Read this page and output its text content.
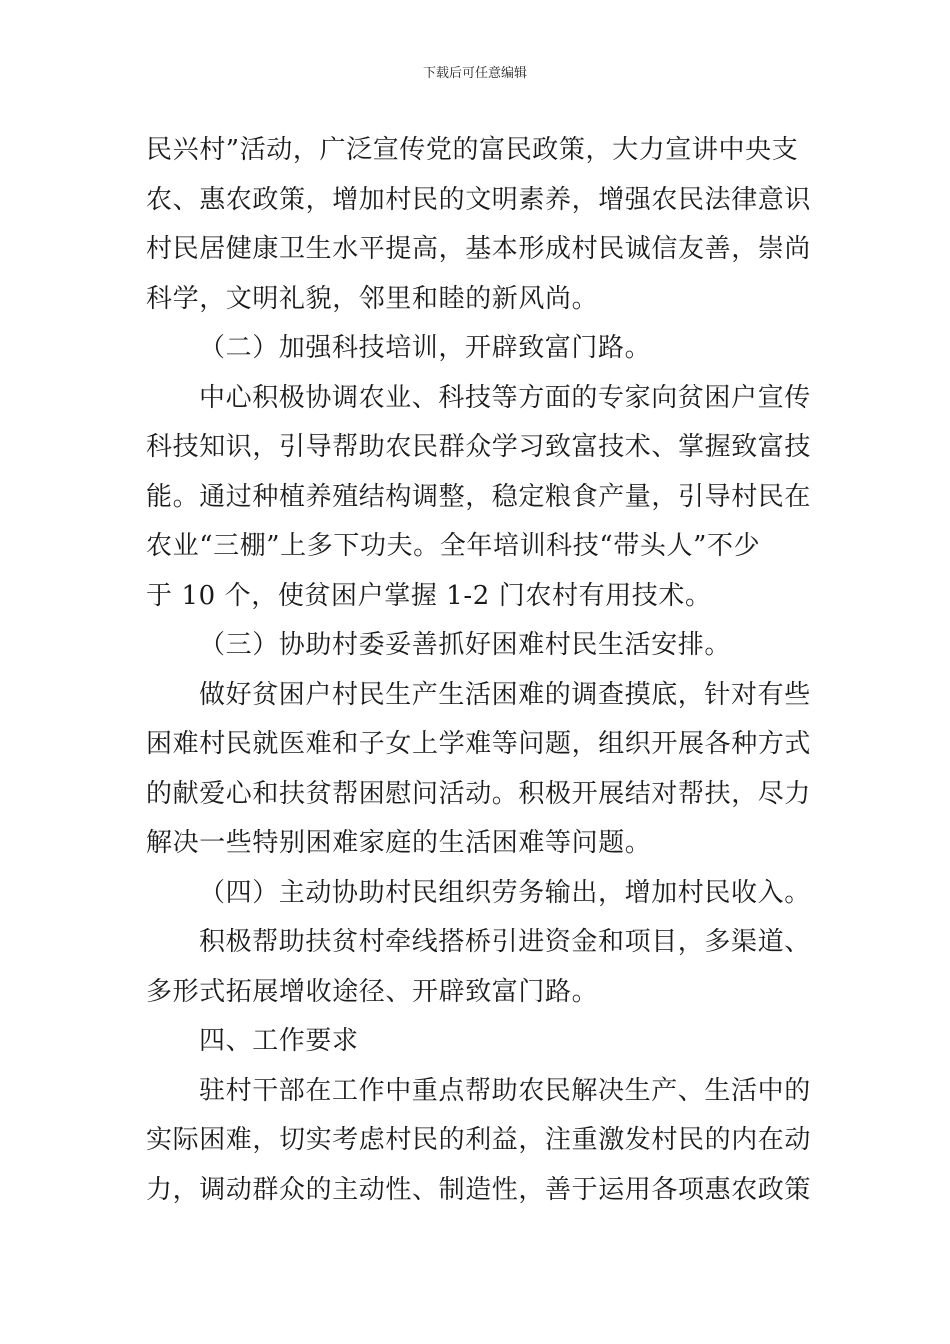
下载后可任意编辑
民兴村”活动，广泛宣传党的富民政策，大力宣讲中央支
农、惠农政策，增加村民的文明素养，增强农民法律意识
村民居健康卫生水平提高，基本形成村民诚信友善，崇尚
科学，文明礼貌，邻里和睦的新风尚。
（二）加强科技培训，开辟致富门路。
中心积极协调农业、科技等方面的专家向贫困户宣传
科技知识，引导帮助农民群众学习致富技术、掌握致富技
能。通过种植养殖结构调整，稳定粮食产量，引导村民在
农业“三棚”上多下功夫。全年培训科技“带头人”不少
于 10 个，使贫困户掌握 1-2 门农村有用技术。
（三）协助村委妥善抓好困难村民生活安排。
做好贫困户村民生产生活困难的调查摸底，针对有些
困难村民就医难和子女上学难等问题，组织开展各种方式
的献爱心和扶贫帮困慰问活动。积极开展结对帮扶，尽力
解决一些特别困难家庭的生活困难等问题。
（四）主动协助村民组织劳务输出，增加村民收入。
积极帮助扶贫村牵线搭桥引进资金和项目，多渠道、
多形式拓展增收途径、开辟致富门路。
四、工作要求
驻村干部在工作中重点帮助农民解决生产、生活中的
实际困难，切实考虑村民的利益，注重激发村民的内在动
力，调动群众的主动性、制造性，善于运用各项惠农政策
